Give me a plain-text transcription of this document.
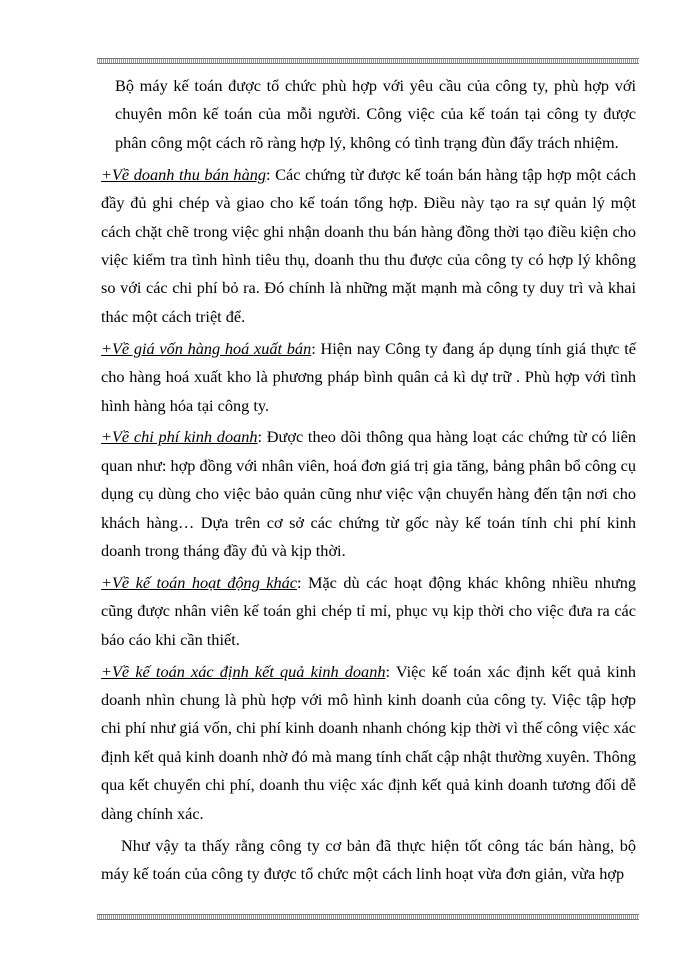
Bộ máy kế toán được tổ chức phù hợp với yêu cầu của công ty, phù hợp với chuyên môn kế toán của mỗi người. Công việc của kế toán tại công ty được phân công một cách rõ ràng hợp lý, không có tình trạng đùn đẩy trách nhiệm.

+Về doanh thu bán hàng: Các chứng từ được kế toán bán hàng tập hợp một cách đầy đủ ghi chép và giao cho kế toán tổng hợp. Điều này tạo ra sự quản lý một cách chặt chẽ trong việc ghi nhận doanh thu bán hàng đồng thời tạo điều kiện cho việc kiểm tra tình hình tiêu thụ, doanh thu thu được của công ty có hợp lý không so với các chi phí bỏ ra. Đó chính là những mặt mạnh mà công ty duy trì và khai thác một cách triệt để.

+Về giá vốn hàng hoá xuất bán: Hiện nay Công ty đang áp dụng tính giá thực tế cho hàng hoá xuất kho là phương pháp bình quân cả kì dự trữ . Phù hợp với tình hình hàng hóa tại công ty.

+Về chi phí kinh doanh: Được theo dõi thông qua hàng loạt các chứng từ có liên quan như: hợp đồng với nhân viên, hoá đơn giá trị gia tăng, bảng phân bổ công cụ dụng cụ dùng cho việc bảo quản cũng như việc vận chuyển hàng đến tận nơi cho khách hàng… Dựa trên cơ sở các chứng từ gốc này kế toán tính chi phí kinh doanh trong tháng đầy đủ và kịp thời.

+Về kế toán hoạt động khác: Mặc dù các hoạt động khác không nhiều nhưng cũng được nhân viên kế toán ghi chép tỉ mỉ, phục vụ kịp thời cho việc đưa ra các báo cáo khi cần thiết.

+Về kế toán xác định kết quả kinh doanh: Việc kế toán xác định kết quả kinh doanh nhìn chung là phù hợp với mô hình kinh doanh của công ty. Việc tập hợp chi phí như giá vốn, chi phí kinh doanh nhanh chóng kịp thời vì thế công việc xác định kết quả kinh doanh nhờ đó mà mang tính chất cập nhật thường xuyên. Thông qua kết chuyển chi phí, doanh thu việc xác định kết quả kinh doanh tương đối dễ dàng chính xác.

Như vậy ta thấy rằng công ty cơ bản đã thực hiện tốt công tác bán hàng, bộ máy kế toán của công ty được tổ chức một cách linh hoạt vừa đơn giản, vừa hợp
